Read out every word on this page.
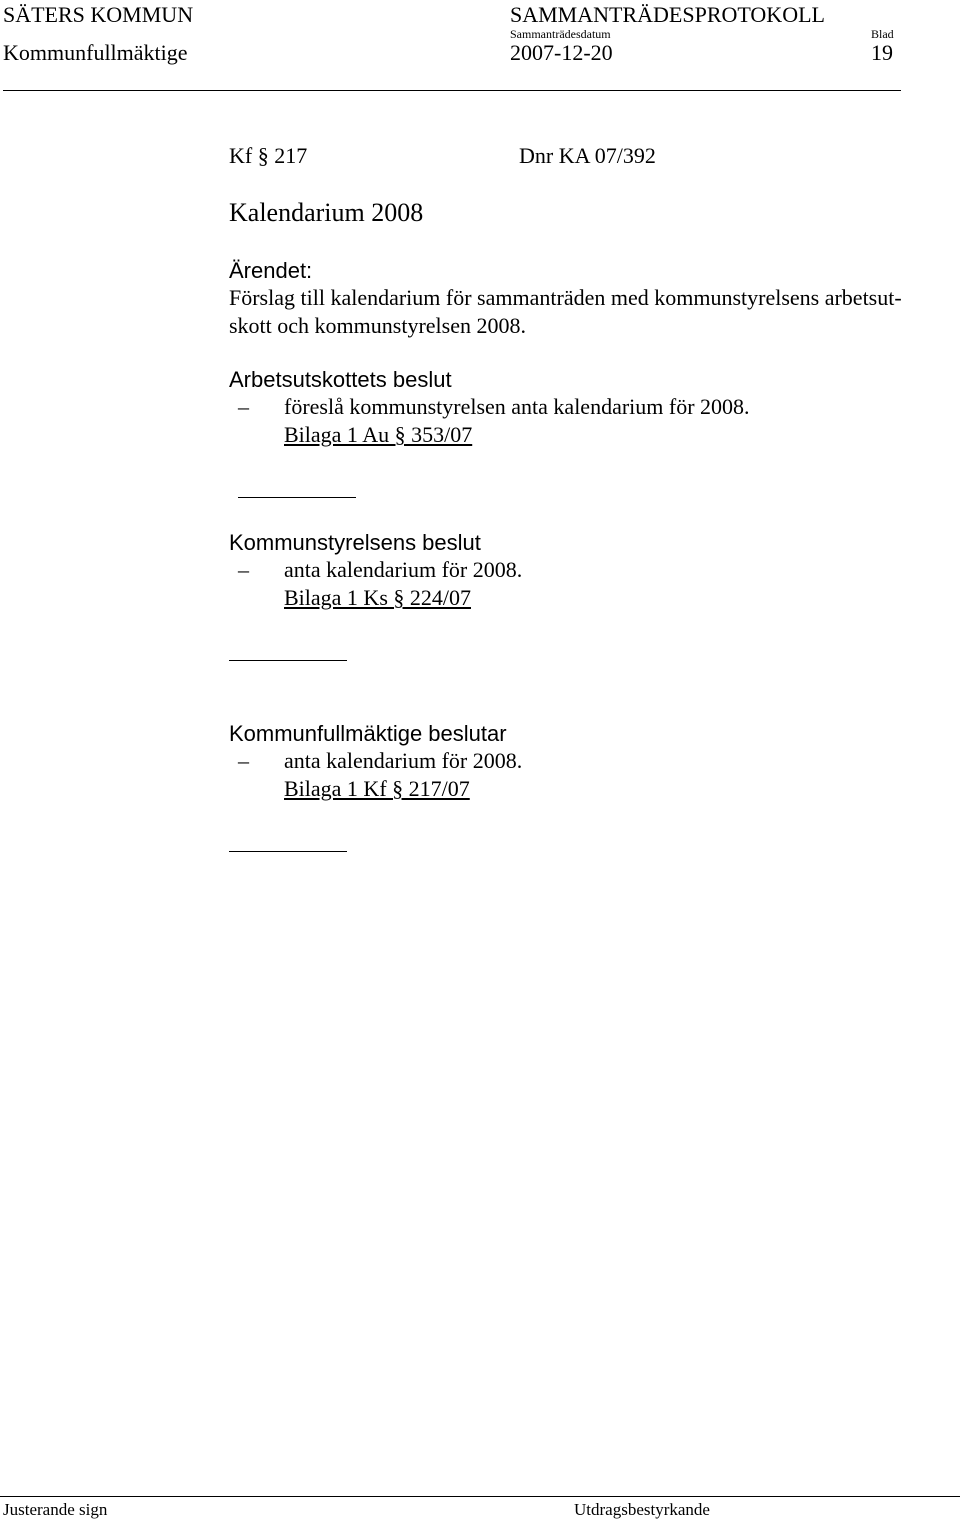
SÄTERS KOMMUN	SAMMANTRÄDESPROTOKOLL
Sammanträdesdatum	Blad
Kommunfullmäktige	2007-12-20	19
Kf § 217	Dnr KA 07/392
Kalendarium 2008
Ärendet:
Förslag till kalendarium för sammanträden med kommunstyrelsens arbetsut-
skott och kommunstyrelsen 2008.
Arbetsutskottets beslut
– föreslå kommunstyrelsen anta kalendarium för 2008.
Bilaga 1 Au § 353/07
Kommunstyrelsens beslut
– anta kalendarium för 2008.
Bilaga 1 Ks § 224/07
Kommunfullmäktige beslutar
– anta kalendarium för 2008.
Bilaga 1 Kf § 217/07
Justerande sign	Utdragsbestyrkande
